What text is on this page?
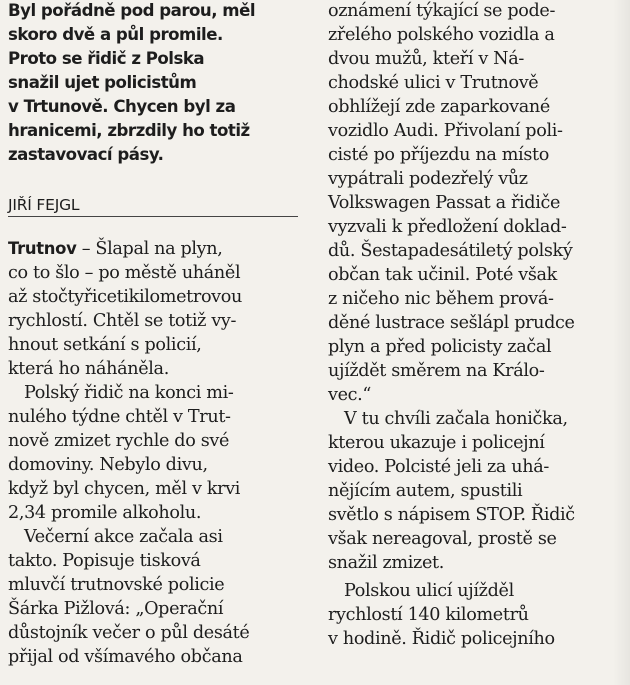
Byl pořádně pod parou, měl
skoro dvě a půl promile.
Proto se řidič z Polska
snažil ujet policistům
v Trtunově. Chycen byl za
hranicemi, zbrzdily ho totiž
zastavovací pásy.
JIŘÍ FEJGL
Trutnov – Šlapal na plyn,
co to šlo – po městě uháněl
až stočtyřicetikilometrovou
rychlostí. Chtěl se totiž vy-
hnout setkání s policií,
která ho náháněla.
Polský řidič na konci mi-
nulého týdne chtěl v Trut-
nově zmizet rychle do své
domoviny. Nebylo divu,
když byl chycen, měl v krvi
2,34 promile alkoholu.
Večerní akce začala asi
takto. Popisuje tisková
mluvčí trutnovské policie
Šárka Pižlová: „Operační
důstojník večer o půl desáté
přijal od všímavého občana
oznámení týkající se pode-
zřelého polského vozidla a
dvou mužů, kteří v Ná-
chodské ulici v Trutnově
obhlížejí zde zaparkované
vozidlo Audi. Přivolaní poli-
cisté po příjezdu na místo
vypátrali podezřelý vůz
Volkswagen Passat a řidiče
vyzvali k předložení doklad-
dů. Šestapadesátiletý polský
občan tak učinil. Poté však
z ničeho nic během prová-
děné lustrace sešlápl prudce
plyn a před policisty začal
ujíždět směrem na Králo-
vec.“
V tu chvíli začala honička,
kterou ukazuje i policejní
video. Polcisté jeli za uhá-
nějícím autem, spustili
světlo s nápisem STOP. Řidič
však nereagoval, prostě se
snažil zmizet.
Polskou ulicí ujížděl
rychlostí 140 kilometrů
v hodině. Řidič policejního
